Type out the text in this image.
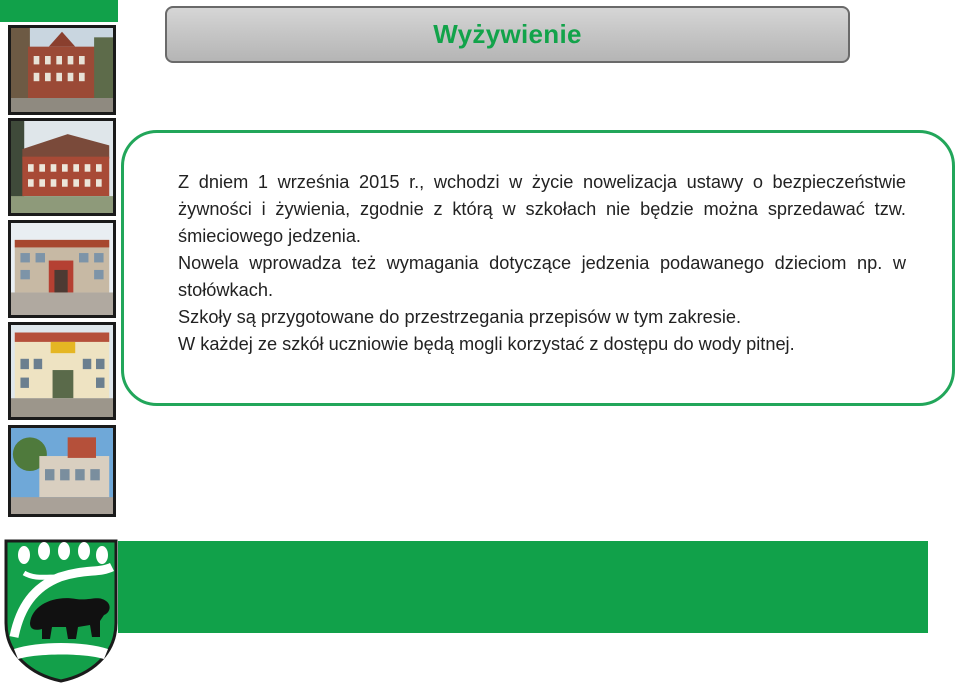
Wyżywienie

Z dniem 1 września 2015 r., wchodzi w życie nowelizacja ustawy o bezpieczeństwie żywności i żywienia, zgodnie z którą w szkołach nie będzie można sprzedawać tzw. śmieciowego jedzenia.

Nowela wprowadza też wymagania dotyczące jedzenia podawanego dzieciom np. w stołówkach.

Szkoły są przygotowane do przestrzegania przepisów w tym zakresie.

W każdej ze szkół uczniowie będą mogli korzystać z dostępu do wody pitnej.
